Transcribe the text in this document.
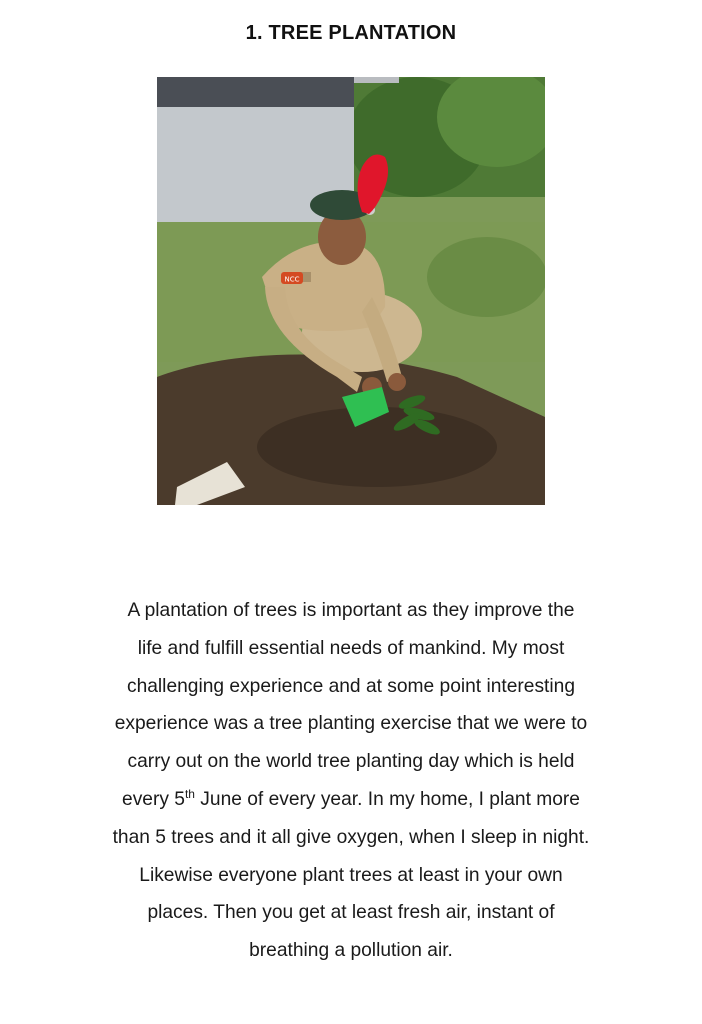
1. TREE PLANTATION
NCC

A plantation of trees is important as they improve the

life and fulfill essential needs of mankind. My most

challenging experience and at some point interesting

experience was a tree planting exercise that we were to

carry out on the world tree planting day which is held

every 5th June of every year. In my home, I plant more

than 5 trees and it all give oxygen, when I sleep in night.

Likewise everyone plant trees at least in your own

places. Then you get at least fresh air, instant of

breathing a pollution air.
